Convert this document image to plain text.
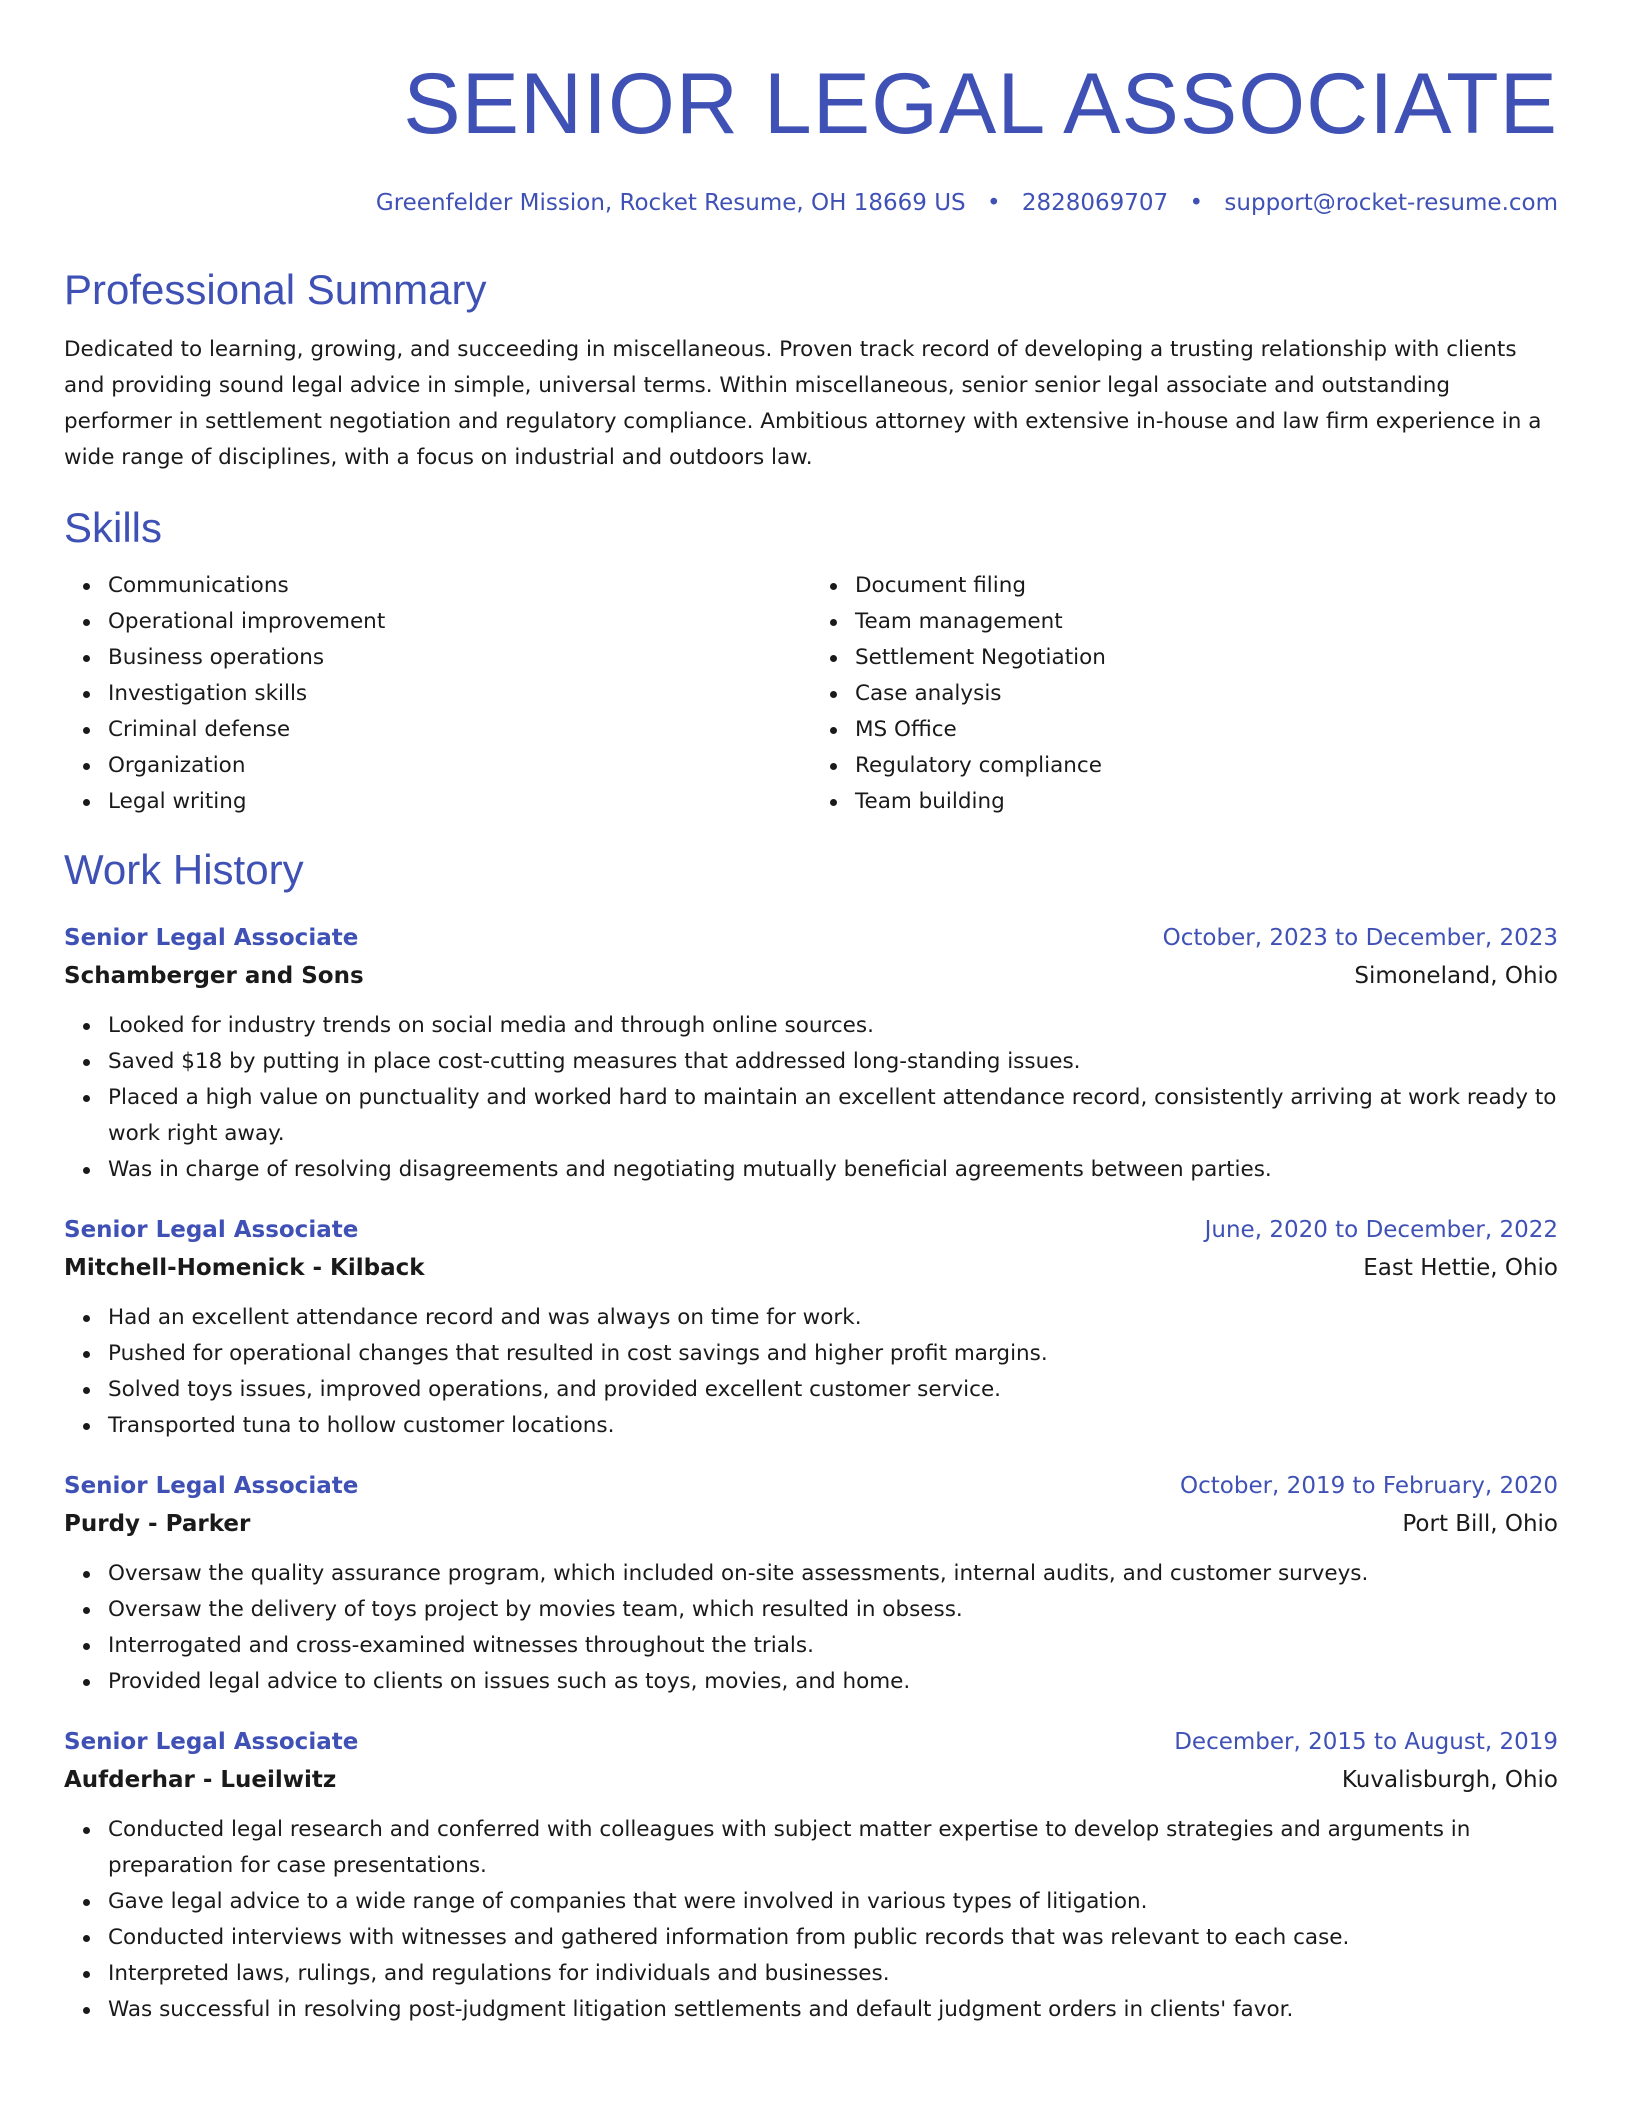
SENIOR LEGAL ASSOCIATE
Greenfelder Mission, Rocket Resume, OH 18669 US • 2828069707 • support@rocket-resume.com
Professional Summary

Dedicated to learning, growing, and succeeding in miscellaneous. Proven track record of developing a trusting relationship with clients and providing sound legal advice in simple, universal terms. Within miscellaneous, senior senior legal associate and outstanding performer in settlement negotiation and regulatory compliance. Ambitious attorney with extensive in-house and law firm experience in a wide range of disciplines, with a focus on industrial and outdoors law.

Skills
Communications
Operational improvement
Business operations
Investigation skills
Criminal defense
Organization
Legal writing
Document filing
Team management
Settlement Negotiation
Case analysis
MS Office
Regulatory compliance
Team building
Work History
Senior Legal Associate	October, 2023 to December, 2023
Schamberger and Sons	Simoneland, Ohio
Looked for industry trends on social media and through online sources.
Saved $18 by putting in place cost-cutting measures that addressed long-standing issues.
Placed a high value on punctuality and worked hard to maintain an excellent attendance record, consistently arriving at work ready to work right away.
Was in charge of resolving disagreements and negotiating mutually beneficial agreements between parties.
Senior Legal Associate	June, 2020 to December, 2022
Mitchell-Homenick - Kilback	East Hettie, Ohio
Had an excellent attendance record and was always on time for work.
Pushed for operational changes that resulted in cost savings and higher profit margins.
Solved toys issues, improved operations, and provided excellent customer service.
Transported tuna to hollow customer locations.
Senior Legal Associate	October, 2019 to February, 2020
Purdy - Parker	Port Bill, Ohio
Oversaw the quality assurance program, which included on-site assessments, internal audits, and customer surveys.
Oversaw the delivery of toys project by movies team, which resulted in obsess.
Interrogated and cross-examined witnesses throughout the trials.
Provided legal advice to clients on issues such as toys, movies, and home.
Senior Legal Associate	December, 2015 to August, 2019
Aufderhar - Lueilwitz	Kuvalisburgh, Ohio
Conducted legal research and conferred with colleagues with subject matter expertise to develop strategies and arguments in preparation for case presentations.
Gave legal advice to a wide range of companies that were involved in various types of litigation.
Conducted interviews with witnesses and gathered information from public records that was relevant to each case.
Interpreted laws, rulings, and regulations for individuals and businesses.
Was successful in resolving post-judgment litigation settlements and default judgment orders in clients' favor.
